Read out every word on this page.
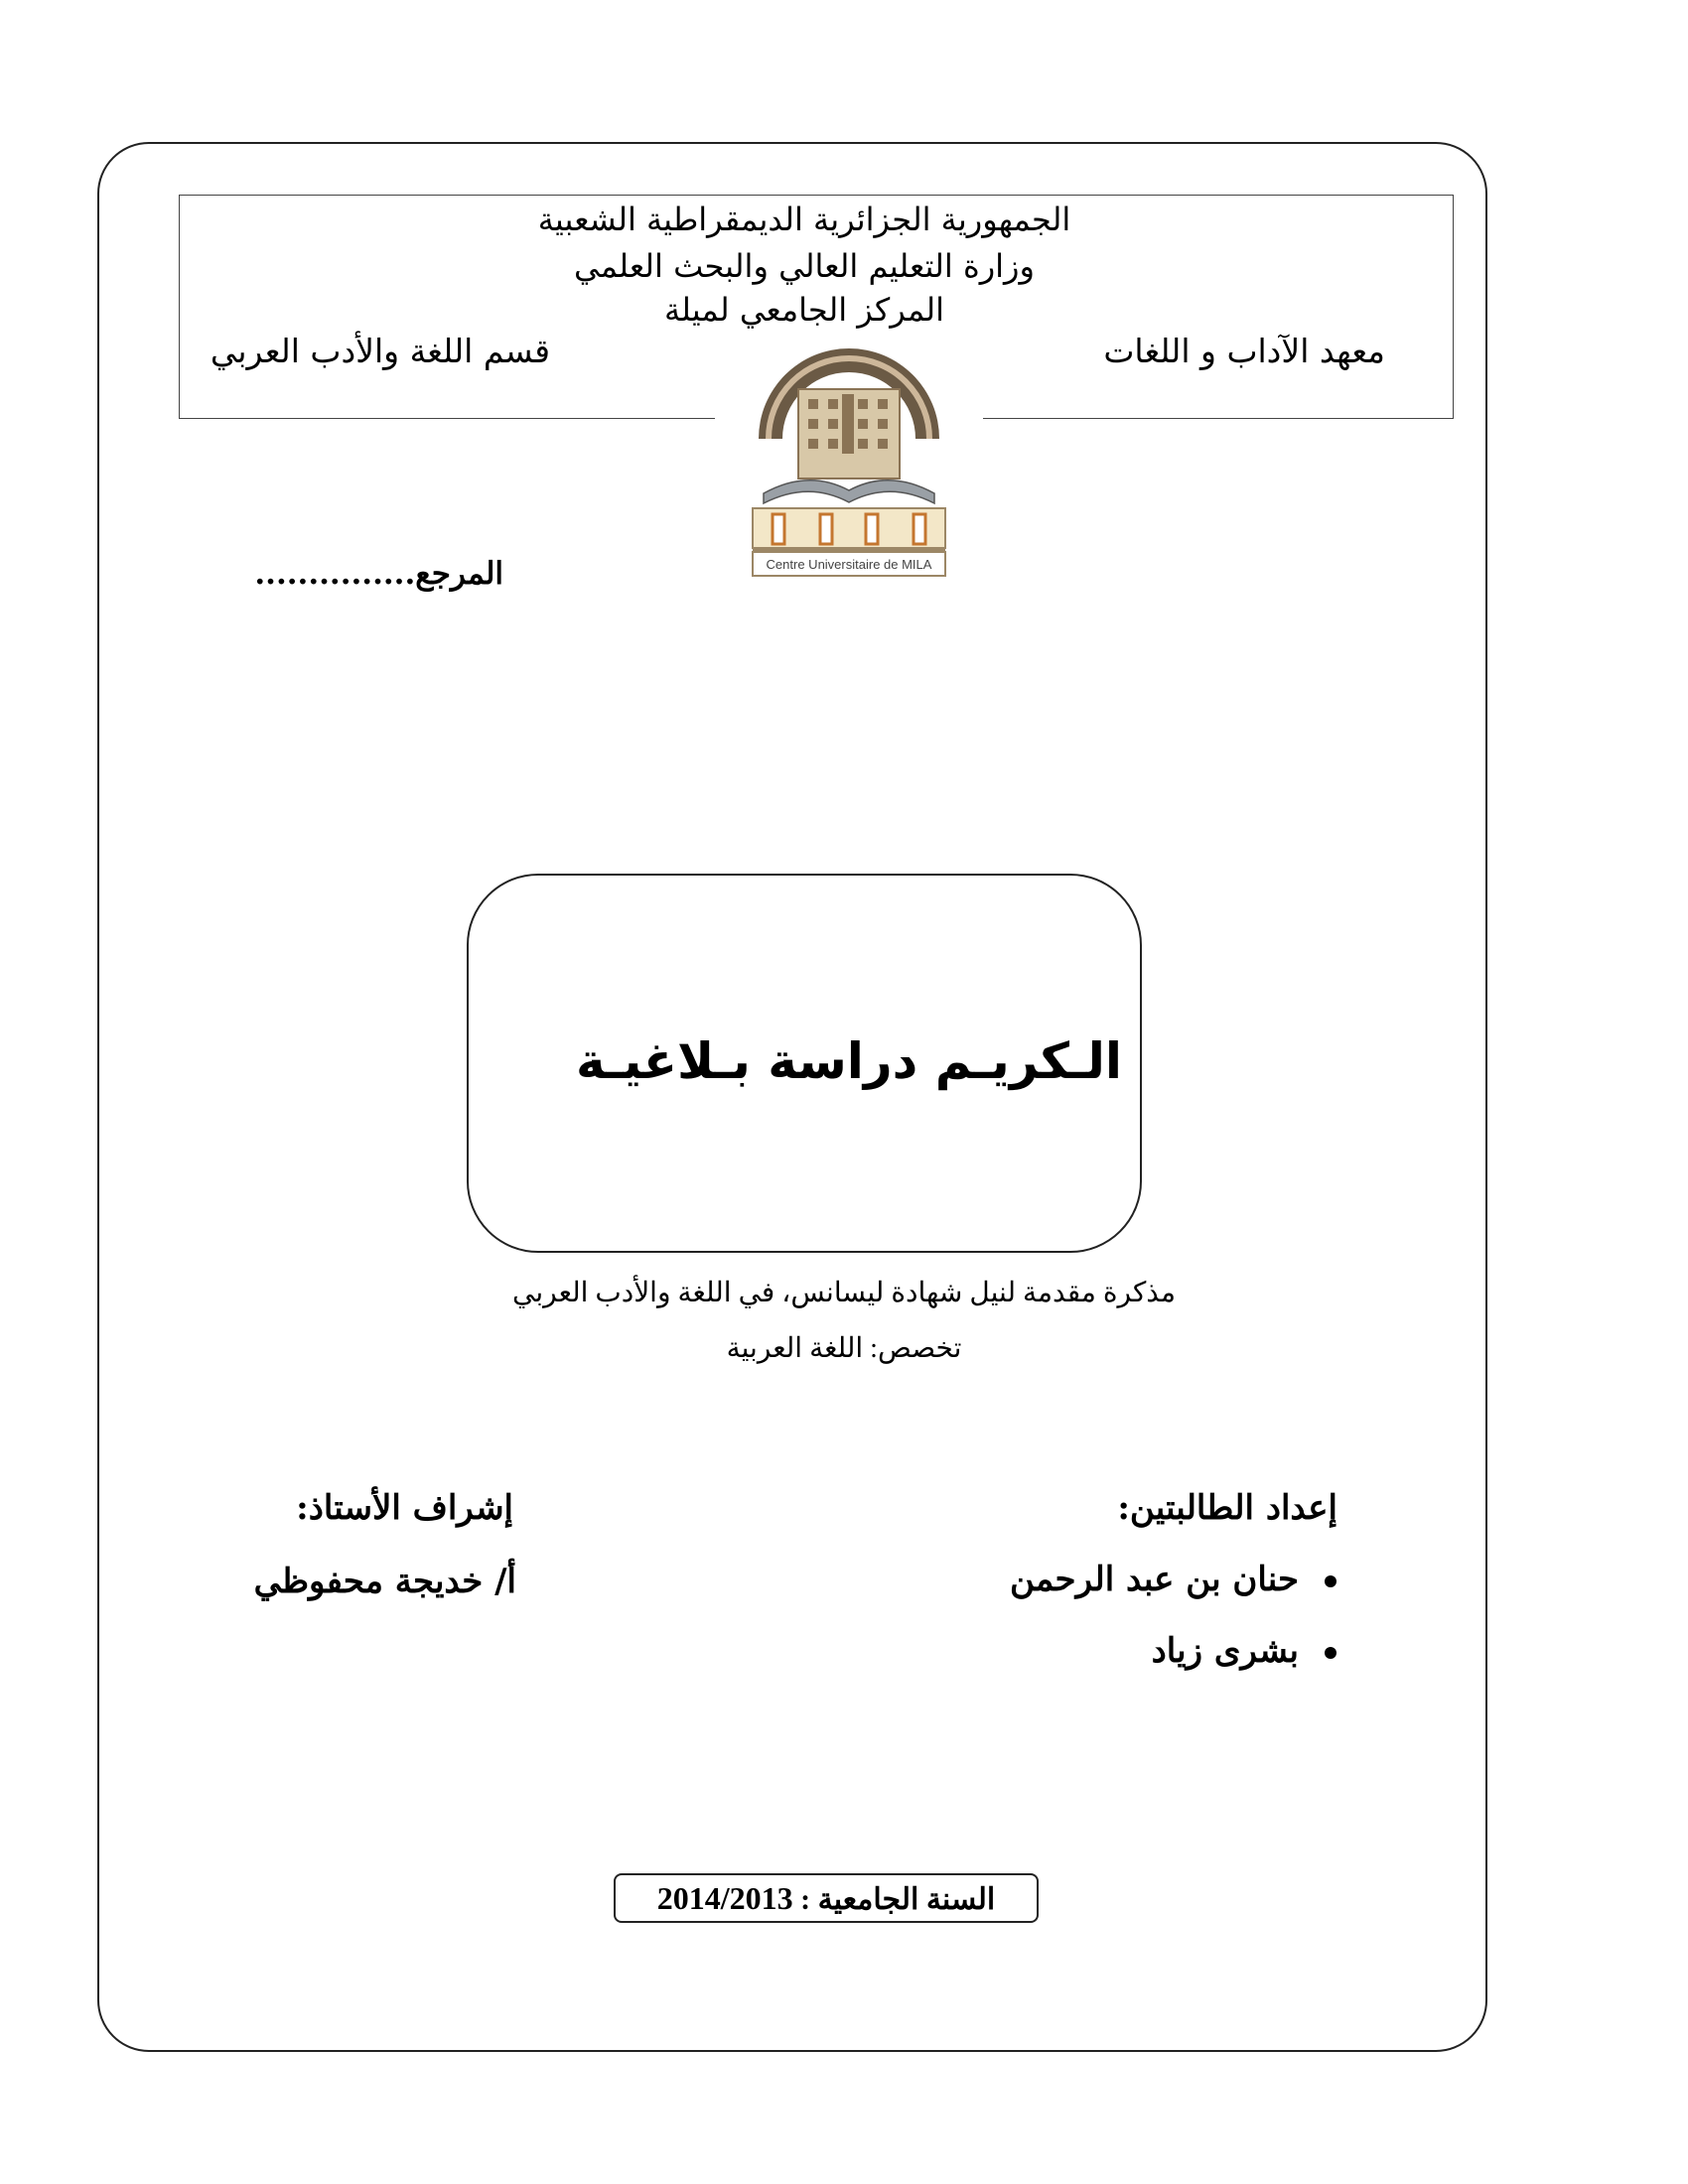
الجمهورية الجزائرية الديمقراطية الشعبية
وزارة التعليم العالي والبحث العلمي
المركز الجامعي لميلة
معهد الآداب و اللغات
قسم اللغة والأدب العربي
Centre Universitaire de MILA
المرجع...............
الـكريـم دراسة بـلاغيـة
مذكرة مقدمة لنيل شهادة ليسانس، في اللغة والأدب العربي
تخصص: اللغة العربية
إعداد الطالبتين:
حنان بن عبد الرحمن
بشرى زياد
إشراف الأستاذ:
أ/ خديجة محفوظي
السنة الجامعية : 2014/2013
